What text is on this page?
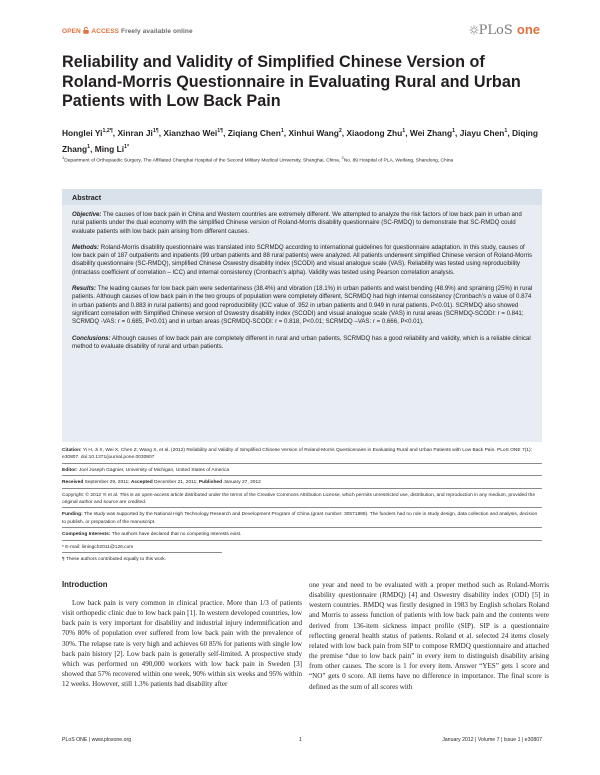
OPEN ACCESS Freely available online	PLoS one
Reliability and Validity of Simplified Chinese Version of Roland-Morris Questionnaire in Evaluating Rural and Urban Patients with Low Back Pain

Honglei $Yi^{1,2\P}$, Xinran $Ji^{1\P}$, Xianzhao Wei$^{1\P}$, Ziqiang Chen$^1$, Xinhui Wang$^2$, Xiaodong Zhu$^1$, Wei Zhang$^1$, Jiayu Chen$^1$, Diqing Zhang$^1$, Ming $Li^{1*}$

$^1$Department of Orthopaedic Surgery, The Affiliated Changhai Hospital of the Second Military Medical University, Shanghai, China, $^2$No. 89 Hospital of PLA, Weifang, Shandong, China

Abstract

Objective: The causes of low back pain in China and Western countries are extremely different. We attempted to analyze the risk factors of low back pain in urban and rural patients under the dual economy with the simplified Chinese version of Roland-Morris disability questionnaire (SC-RMDQ) to demonstrate that SC-RMDQ could evaluate patients with low back pain arising from different causes.

Methods: Roland-Morris disability questionnaire was translated into SCRMDQ according to international guidelines for questionnaire adaptation. In this study, causes of low back pain of 187 outpatients and inpatients (99 urban patients and 88 rural patients) were analyzed. All patients underwent simplified Chinese version of Roland-Morris disability questionnaire (SC-RMDQ), simplified Chinese Oswestry disability index (SCODI) and visual analogue scale (VAS). Reliability was tested using reproducibility (intraclass coefficient of correlation – ICC) and internal consistency (Cronbach’s alpha). Validity was tested using Pearson correlation analysis.

Results: The leading causes for low back pain were sedentariness (38.4%) and vibration (18.1%) in urban patients and waist bending (48.9%) and spraining (25%) in rural patients. Although causes of low back pain in the two groups of population were completely different, SCRMDQ had high internal consistency (Cronbach’s α value of 0.874 in urban patients and 0.883 in rural patients) and good reproducibility (ICC value of .952 in urban patients and 0.949 in rural patients, P<0.01). SCRMDQ also showed significant correlation with Simplified Chinese version of Oswestry disability index (SCODI) and visual analogue scale (VAS) in rural areas (SCRMDQ-SCODI: r = 0.841; SCRMDQ -VAS: r = 0.685, P<0.01) and in urban areas (SCRMDQ-SCODI: r = 0.818, P<0.01; SCRMDQ –VAS: r = 0.666, P<0.01).

Conclusions: Although causes of low back pain are completely different in rural and urban patients, SCRMDQ has a good reliability and validity, which is a reliable clinical method to evaluate disability of rural and urban patients.

Citation: Yi H, Ji X, Wei X, Chen Z, Wang X, et al. (2012) Reliability and Validity of Simplified Chinese Version of Roland-Morris Questionnaire in Evaluating Rural and Urban Patients with Low Back Pain. PLoS ONE 7(1): e30807. doi:10.1371/journal.pone.0030807

Editor: Joel Joseph Gagnier, University of Michigan, United States of America

Received September 29, 2011; Accepted December 21, 2011; Published January 27, 2012

Copyright: © 2012 Yi et al. This is an open-access article distributed under the terms of the Creative Commons Attribution License, which permits unrestricted use, distribution, and reproduction in any medium, provided the original author and source are credited.

Funding: The study was supported by the National High Technology Research and Development Program of China (grant number: 30571888). The funders had no role in study design, data collection and analysis, decision to publish, or preparation of the manuscript.

Competing Interests: The authors have declared that no competing interests exist.

* E-mail: limingch2011@126.com

¶ These authors contributed equally to this work.

Introduction

Low back pain is very common in clinical practice. More than 1/3 of patients visit orthopedic clinic due to low back pain [1]. In western developed countries, low back pain is very important for disability and industrial injury indemnification and 70% 80% of population ever suffered from low back pain with the prevalence of 30%. The relapse rate is very high and achieves 60 85% for patients with single low back pain history [2]. Low back pain is generally self-limited. A prospective study which was performed on 490,000 workers with low back pain in Sweden [3] showed that 57% recovered within one week, 90% within six weeks and 95% within 12 weeks. However, still 1.3% patients had disability after

one year and need to be evaluated with a proper method such as Roland-Morris disability questionnaire (RMDQ) [4] and Oswestry disability index (ODI) [5] in western countries. RMDQ was firstly designed in 1983 by English scholars Roland and Morris to assess function of patients with low back pain and the contents were derived from 136-item sickness impact profile (SIP). SIP is a questionnaire reflecting general health status of patients. Roland et al. selected 24 items closely related with low back pain from SIP to compose RMDQ questionnaire and attached the premise “due to low back pain” in every item to distinguish disability arising from other causes. The score is 1 for every item. Answer “YES” gets 1 score and “NO” gets 0 score. All items have no difference in importance. The final score is defined as the sum of all scores with

PLoS ONE | www.plosone.org	1	January 2012 | Volume 7 | Issue 1 | e30807
